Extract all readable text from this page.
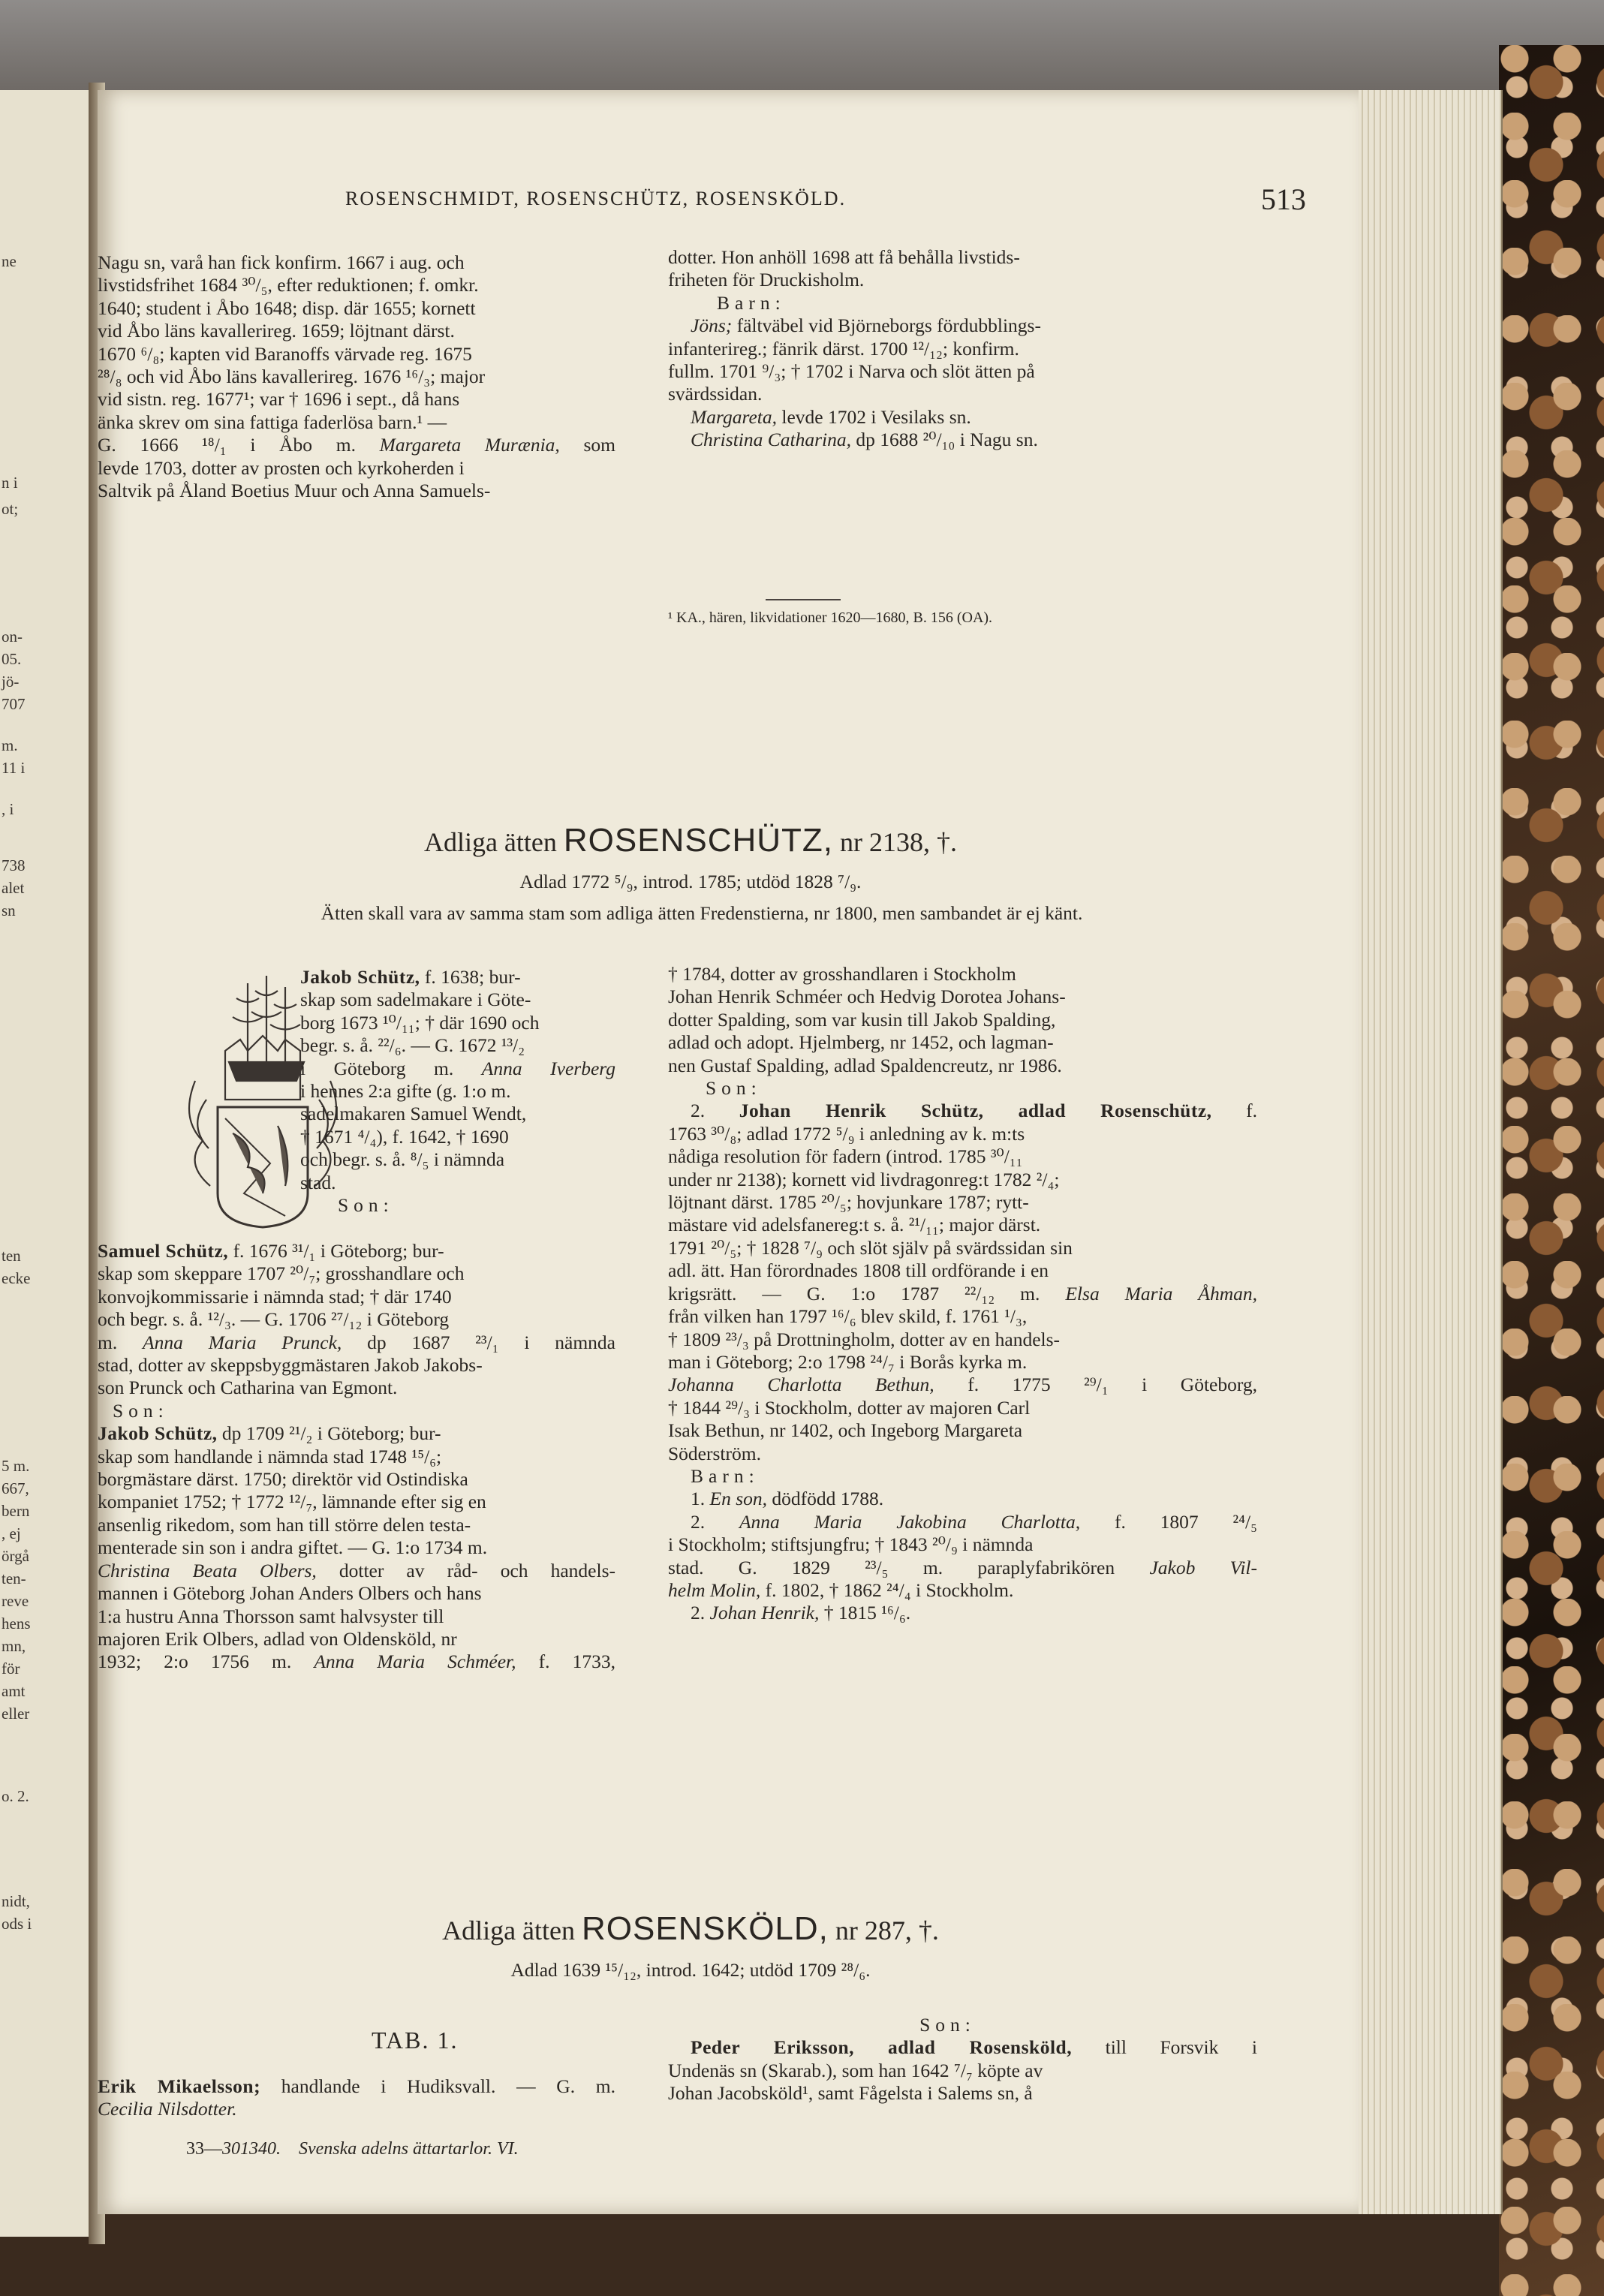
ne
n i
ot;
on-
05.
jö-
707
m.
11 i
, i
738
alet
sn
ten
ecke
5 m.
667,
bern
, ej
örgå
ten-
reve
hens
mn,
för
amt
eller
o. 2.
nidt,
ods i
ROSENSCHMIDT, ROSENSCHÜTZ, ROSENSKÖLD.	513

Nagu sn, varå han fick konfirm. 1667 i aug. och

livstidsfrihet 1684 ³⁰/₅, efter reduktionen; f. omkr.

1640; student i Åbo 1648; disp. där 1655; kornett

vid Åbo läns kavallerireg. 1659; löjtnant därst.

1670 ⁶/₈; kapten vid Baranoffs värvade reg. 1675

²⁸/₈ och vid Åbo läns kavallerireg. 1676 ¹⁶/₃; major

vid sistn. reg. 1677¹; var † 1696 i sept., då hans

änka skrev om sina fattiga faderlösa barn.¹ —

G. 1666 ¹⁸/₁ i Åbo m. Margareta Murænia, som

levde 1703, dotter av prosten och kyrkoherden i

Saltvik på Åland Boetius Muur och Anna Samuels-

dotter. Hon anhöll 1698 att få behålla livstids-

friheten för Druckisholm.

Barn:

Jöns; fältväbel vid Björneborgs fördubblings-

infanterireg.; fänrik därst. 1700 ¹²/₁₂; konfirm.

fullm. 1701 ⁹/₃; † 1702 i Narva och slöt ätten på

svärdssidan.

Margareta, levde 1702 i Vesilaks sn.

Christina Catharina, dp 1688 ²⁰/₁₀ i Nagu sn.

¹ KA., hären, likvidationer 1620—1680, B. 156 (OA).
Adliga ätten ROSENSCHÜTZ, nr 2138, †.
Adlad 1772 ⁵/₉, introd. 1785; utdöd 1828 ⁷/₉.
Ätten skall vara av samma stam som adliga ätten Fredenstierna, nr 1800, men sambandet är ej känt.

Jakob Schütz, f. 1638; bur-

skap som sadelmakare i Göte-

borg 1673 ¹⁰/₁₁; † där 1690 och

begr. s. å. ²²/₆. — G. 1672 ¹³/₂

i Göteborg m. Anna Iverberg

i hennes 2:a gifte (g. 1:o m.

sadelmakaren Samuel Wendt,

† 1671 ⁴/₄), f. 1642, † 1690

och begr. s. å. ⁸/₅ i nämnda

stad.

Son:

Samuel Schütz, f. 1676 ³¹/₁ i Göteborg; bur-

skap som skeppare 1707 ²⁰/₇; grosshandlare och

konvojkommissarie i nämnda stad; † där 1740

och begr. s. å. ¹²/₃. — G. 1706 ²⁷/₁₂ i Göteborg

m. Anna Maria Prunck, dp 1687 ²³/₁ i nämnda

stad, dotter av skeppsbyggmästaren Jakob Jakobs-

son Prunck och Catharina van Egmont.

Son:

Jakob Schütz, dp 1709 ²¹/₂ i Göteborg; bur-

skap som handlande i nämnda stad 1748 ¹⁵/₆;

borgmästare därst. 1750; direktör vid Ostindiska

kompaniet 1752; † 1772 ¹²/₇, lämnande efter sig en

ansenlig rikedom, som han till större delen testa-

menterade sin son i andra giftet. — G. 1:o 1734 m.

Christina Beata Olbers, dotter av råd- och handels-

mannen i Göteborg Johan Anders Olbers och hans

1:a hustru Anna Thorsson samt halvsyster till

majoren Erik Olbers, adlad von Oldensköld, nr

1932; 2:o 1756 m. Anna Maria Schméer, f. 1733,

† 1784, dotter av grosshandlaren i Stockholm

Johan Henrik Schméer och Hedvig Dorotea Johans-

dotter Spalding, som var kusin till Jakob Spalding,

adlad och adopt. Hjelmberg, nr 1452, och lagman-

nen Gustaf Spalding, adlad Spaldencreutz, nr 1986.

Son:

2. Johan Henrik Schütz, adlad Rosenschütz, f.

1763 ³⁰/₈; adlad 1772 ⁵/₉ i anledning av k. m:ts

nådiga resolution för fadern (introd. 1785 ³⁰/₁₁

under nr 2138); kornett vid livdragonreg:t 1782 ²/₄;

löjtnant därst. 1785 ²⁰/₅; hovjunkare 1787; rytt-

mästare vid adelsfanereg:t s. å. ²¹/₁₁; major därst.

1791 ²⁰/₅; † 1828 ⁷/₉ och slöt själv på svärdssidan sin

adl. ätt. Han förordnades 1808 till ordförande i en

krigsrätt. — G. 1:o 1787 ²²/₁₂ m. Elsa Maria Åhman,

från vilken han 1797 ¹⁶/₆ blev skild, f. 1761 ¹/₃,

† 1809 ²³/₃ på Drottningholm, dotter av en handels-

man i Göteborg; 2:o 1798 ²⁴/₇ i Borås kyrka m.

Johanna Charlotta Bethun, f. 1775 ²⁹/₁ i Göteborg,

† 1844 ²⁹/₃ i Stockholm, dotter av majoren Carl

Isak Bethun, nr 1402, och Ingeborg Margareta

Söderström.

Barn:

1. En son, dödfödd 1788.

2. Anna Maria Jakobina Charlotta, f. 1807 ²⁴/₅

i Stockholm; stiftsjungfru; † 1843 ²⁰/₉ i nämnda

stad. G. 1829 ²³/₅ m. paraplyfabrikören Jakob Vil-

helm Molin, f. 1802, † 1862 ²⁴/₄ i Stockholm.

2. Johan Henrik, † 1815 ¹⁶/₆.

Adliga ätten ROSENSKÖLD, nr 287, †.
Adlad 1639 ¹⁵/₁₂, introd. 1642; utdöd 1709 ²⁸/₆.
TAB. 1.

Erik Mikaelsson; handlande i Hudiksvall. — G. m.

Cecilia Nilsdotter.

33—301340. Svenska adelns ättartarlor. VI.

Son:

Peder Eriksson, adlad Rosensköld, till Forsvik i

Undenäs sn (Skarab.), som han 1642 ⁷/₇ köpte av

Johan Jacobsköld¹, samt Fågelsta i Salems sn, å
